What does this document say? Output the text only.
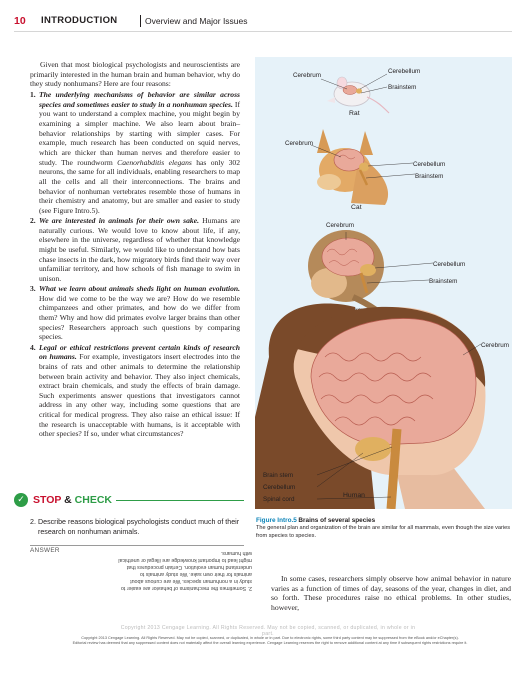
10 INTRODUCTION	Overview and Major Issues

Given that most biological psychologists and neuroscientists are primarily interested in the human brain and human behavior, why do they study nonhumans? Here are four reasons:

1. The underlying mechanisms of behavior are similar across species and sometimes easier to study in a nonhuman species. If you want to understand a complex machine, you might begin by examining a simpler machine. We also learn about brain–behavior relationships by starting with simpler cases. For example, much research has been conducted on squid nerves, which are thicker than human nerves and therefore easier to study. The roundworm Caenorhabditis elegans has only 302 neurons, the same for all individuals, enabling researchers to map all the cells and all their interconnections. The brains and behavior of nonhuman vertebrates resemble those of humans in their chemistry and anatomy, but are smaller and easier to study (see Figure Intro.5).
2. We are interested in animals for their own sake. Humans are naturally curious. We would love to know about life, if any, elsewhere in the universe, regardless of whether that knowledge might be useful. Similarly, we would like to understand how bats chase insects in the dark, how migratory birds find their way over unfamiliar territory, and how schools of fish manage to swim in unison.
3. What we learn about animals sheds light on human evolution. How did we come to be the way we are? How do we resemble chimpanzees and other primates, and how do we differ from them? Why and how did primates evolve larger brains than other species? Researchers approach such questions by comparing species.
4. Legal or ethical restrictions prevent certain kinds of research on humans. For example, investigators insert electrodes into the brains of rats and other animals to determine the relationship between brain activity and behavior. They also inject chemicals, extract brain chemicals, and study the effects of brain damage. Such experiments answer questions that investigators cannot address in any other way, including some questions that are critical for medical progress. They also raise an ethical issue: If the research is unacceptable with humans, is it acceptable with other species? If so, under what circumstances?
Cerebrum
Cerebellum
Brainstem
Rat
Cerebrum
Cerebellum
Brainstem
Cat
Cerebrum
Cerebellum
Brainstem
Cerebrum
Brain stem
Cerebellum
Spinal cord
Human
Figure Intro.5 Brains of several species
The general plan and organization of the brain are similar for all mammals, even though the size varies from species to species.
✓ STOP & CHECK
2. Describe reasons biological psychologists conduct much of their research on nonhuman animals.
ANSWER
2. Sometimes the mechanisms of behavior are easier to study in a nonhuman species. We are curious about animals for their own sake. We study animals to understand human evolution. Certain procedures that might lead to important knowledge are illegal or unethical with humans.

In some cases, researchers simply observe how animal behavior in nature varies as a function of times of day, seasons of the year, changes in diet, and so forth. These procedures raise no ethical problems. In other studies, however,

Copyright 2013 Cengage Learning. All Rights Reserved. May not be copied, scanned, or duplicated, in whole or in part.
Copyright 2013 Cengage Learning. All Rights Reserved. May not be copied, scanned, or duplicated, in whole or in part. Due to electronic rights, some third party content may be suppressed from the eBook and/or eChapter(s).
Editorial review has deemed that any suppressed content does not materially affect the overall learning experience. Cengage Learning reserves the right to remove additional content at any time if subsequent rights restrictions require it.
